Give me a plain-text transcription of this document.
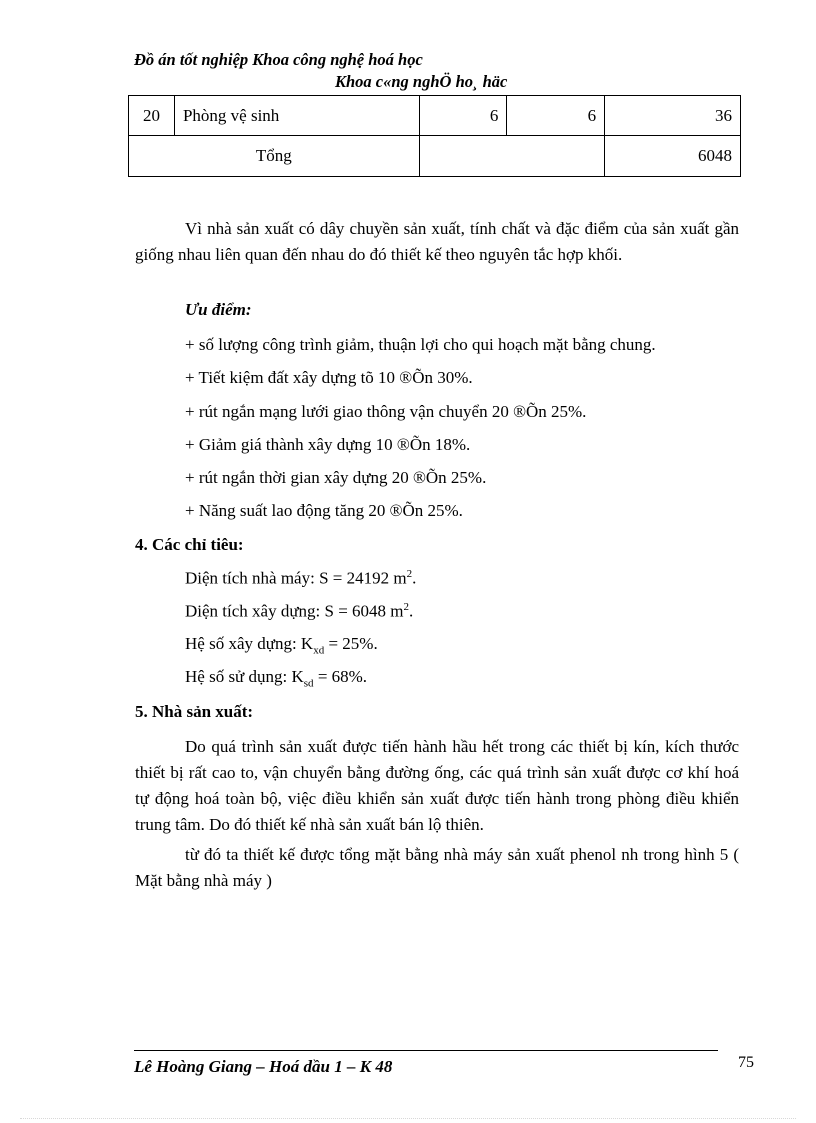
Đồ án tốt nghiệp Khoa công nghệ hoá học
Khoa c«ng nghÖ ho¸ häc
20	Phòng vệ sinh	6	6	36
Tổng				6048
Vì nhà sản xuất có dây chuyền sản xuất, tính chất và đặc điểm của sản xuất gần giống nhau liên quan đến nhau do đó thiết kế theo nguyên tắc hợp khối.
Ưu điểm:
+ số lượng công trình giảm, thuận lợi cho qui hoạch mặt bằng chung.
+ Tiết kiệm đất xây dựng tõ 10 ®Õn 30%.
+ rút ngắn mạng lưới giao thông vận chuyển 20 ®Õn 25%.
+ Giảm giá thành xây dựng 10 ®Õn 18%.
+ rút ngắn thời gian xây dựng 20 ®Õn 25%.
+ Năng suất lao động tăng 20 ®Õn 25%.
4. Các chỉ tiêu:
Diện tích nhà máy: S = 24192 $m^2$.
Diện tích xây dựng: S = 6048 $m^2$.
Hệ số xây dựng: $K_{xd} = 25\%$.
Hệ số sử dụng: $K_{sd} = 68\%$.
5. Nhà sản xuất:
Do quá trình sản xuất được tiến hành hầu hết trong các thiết bị kín, kích thước thiết bị rất cao to, vận chuyển bằng đường ống, các quá trình sản xuất được cơ khí hoá tự động hoá toàn bộ, việc điều khiển sản xuất được tiến hành trong phòng điều khiển trung tâm. Do đó thiết kế nhà sản xuất bán lộ thiên.
từ đó ta thiết kế được tổng mặt bằng nhà máy sản xuất phenol nh trong hình 5 ( Mặt bằng nhà máy )
Lê Hoàng Giang – Hoá dầu 1 – K 48	75
